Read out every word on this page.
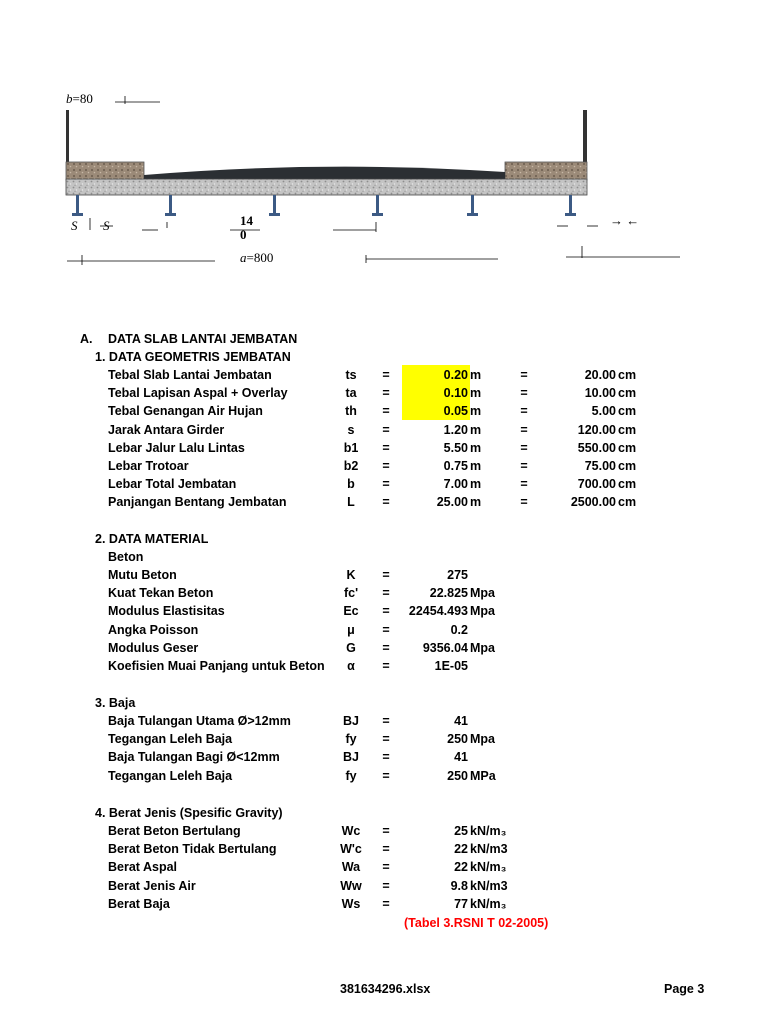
b=80
S S	14
0
a=800
→ ←
A. DATA SLAB LANTAI JEMBATAN
1. DATA GEOMETRIS JEMBATAN
2. DATA MATERIAL
Beton
3. Baja
4. Berat Jenis (Spesific Gravity)
(Tabel 3.RSNI T 02-2005)
Tebal Slab Lantai Jembatan	ts	=	0.20 m	=	20.00 cm
Tebal Lapisan Aspal + Overlay	ta	=	0.10 m	=	10.00 cm
Tebal Genangan Air Hujan	th	=	0.05 m	=	5.00 cm
Jarak Antara Girder	s	=	1.20 m	=	120.00 cm
Lebar Jalur Lalu Lintas	b1	=	5.50 m	=	550.00 cm
Lebar Trotoar	b2	=	0.75 m	=	75.00 cm
Lebar Total Jembatan	b	=	7.00 m	=	700.00 cm
Panjangan Bentang Jembatan	L	=	25.00 m	=	2500.00 cm
Mutu Beton	K	=	275
Kuat Tekan Beton	fc'	=	22.825 Mpa
Modulus Elastisitas	Ec	=	22454.493 Mpa
Angka Poisson	μ	=	0.2
Modulus Geser	G	=	9356.04 Mpa
Koefisien Muai Panjang untuk Beton	α	=	1E-05
Baja Tulangan Utama Ø>12mm	BJ	=	41
Tegangan Leleh Baja	fy	=	250 Mpa
Baja Tulangan Bagi Ø<12mm	BJ	=	41
Tegangan Leleh Baja	fy	=	250 MPa
Berat Beton Bertulang	Wc	=	25 kN/m₃
Berat Beton Tidak Bertulang	W'c	=	22 kN/m3
Berat Aspal	Wa	=	22 kN/m₃
Berat Jenis Air	Ww	=	9.8 kN/m3
Berat Baja	Ws	=	77 kN/m₃
381634296.xlsx	Page 3
